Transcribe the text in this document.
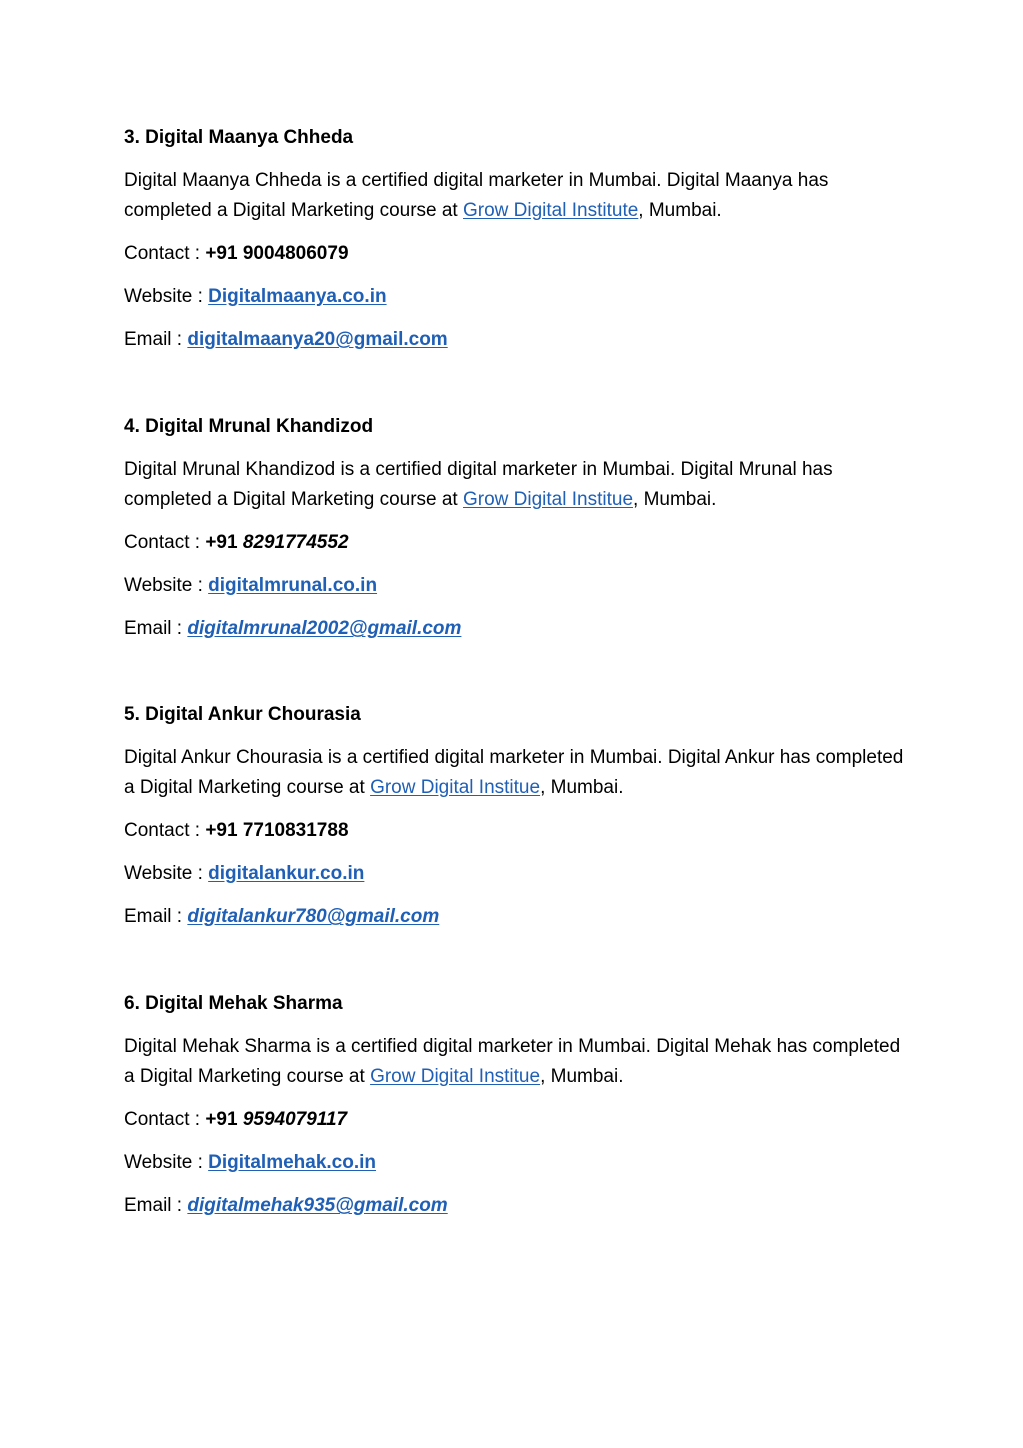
3. Digital Maanya Chheda
Digital Maanya Chheda is a certified digital marketer in Mumbai. Digital Maanya has completed a Digital Marketing course at Grow Digital Institute, Mumbai.
Contact : +91 9004806079
Website : Digitalmaanya.co.in
Email : digitalmaanya20@gmail.com
4. Digital Mrunal Khandizod
Digital Mrunal Khandizod is a certified digital marketer in Mumbai. Digital Mrunal has completed a Digital Marketing course at Grow Digital Institue, Mumbai.
Contact : +91 8291774552
Website : digitalmrunal.co.in
Email : digitalmrunal2002@gmail.com
5. Digital Ankur Chourasia
Digital Ankur Chourasia is a certified digital marketer in Mumbai. Digital Ankur has completed a Digital Marketing course at Grow Digital Institue, Mumbai.
Contact : +91 7710831788
Website : digitalankur.co.in
Email : digitalankur780@gmail.com
6. Digital Mehak Sharma
Digital Mehak Sharma is a certified digital marketer in Mumbai. Digital Mehak has completed a Digital Marketing course at Grow Digital Institue, Mumbai.
Contact : +91 9594079117
Website : Digitalmehak.co.in
Email : digitalmehak935@gmail.com
